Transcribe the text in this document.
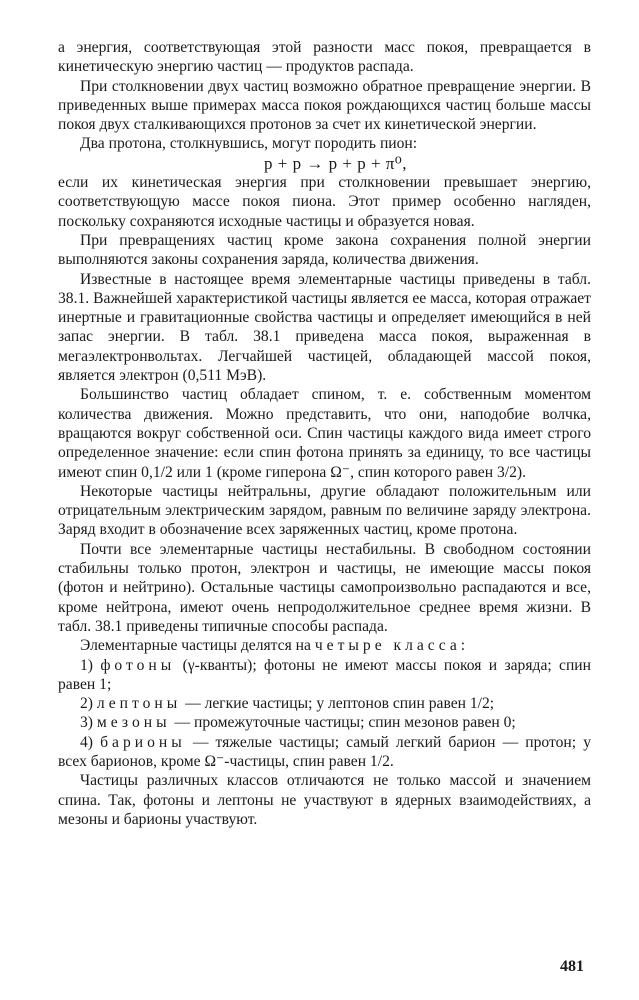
а энергия, соответствующая этой разности масс покоя, превращается в кинетическую энергию частиц — продуктов распада.

При столкновении двух частиц возможно обратное превращение энергии. В приведенных выше примерах масса покоя рождающихся частиц больше массы покоя двух сталкивающихся протонов за счет их кинетической энергии.

Два протона, столкнувшись, могут породить пион:

p + p → p + p + π⁰,

если их кинетическая энергия при столкновении превышает энергию, соответствующую массе покоя пиона. Этот пример особенно нагляден, поскольку сохраняются исходные частицы и образуется новая.

При превращениях частиц кроме закона сохранения полной энергии выполняются законы сохранения заряда, количества движения.

Известные в настоящее время элементарные частицы приведены в табл. 38.1. Важнейшей характеристикой частицы является ее масса, которая отражает инертные и гравитационные свойства частицы и определяет имеющийся в ней запас энергии. В табл. 38.1 приведена масса покоя, выраженная в мегаэлектронвольтах. Легчайшей частицей, обладающей массой покоя, является электрон (0,511 МэВ).

Большинство частиц обладает спином, т. е. собственным моментом количества движения. Можно представить, что они, наподобие волчка, вращаются вокруг собственной оси. Спин частицы каждого вида имеет строго определенное значение: если спин фотона принять за единицу, то все частицы имеют спин 0,1/2 или 1 (кроме гиперона Ω⁻, спин которого равен 3/2).

Некоторые частицы нейтральны, другие обладают положительным или отрицательным электрическим зарядом, равным по величине заряду электрона. Заряд входит в обозначение всех заряженных частиц, кроме протона.

Почти все элементарные частицы нестабильны. В свободном состоянии стабильны только протон, электрон и частицы, не имеющие массы покоя (фотон и нейтрино). Остальные частицы самопроизвольно распадаются и все, кроме нейтрона, имеют очень непродолжительное среднее время жизни. В табл. 38.1 приведены типичные способы распада.

Элементарные частицы делятся на четыре класса:

1) фотоны (γ-кванты); фотоны не имеют массы покоя и заряда; спин равен 1;

2) лептоны — легкие частицы; у лептонов спин равен 1/2;

3) мезоны — промежуточные частицы; спин мезонов равен 0;

4) барионы — тяжелые частицы; самый легкий барион — протон; у всех барионов, кроме Ω⁻-частицы, спин равен 1/2.

Частицы различных классов отличаются не только массой и значением спина. Так, фотоны и лептоны не участвуют в ядерных взаимодействиях, а мезоны и барионы участвуют.

481
